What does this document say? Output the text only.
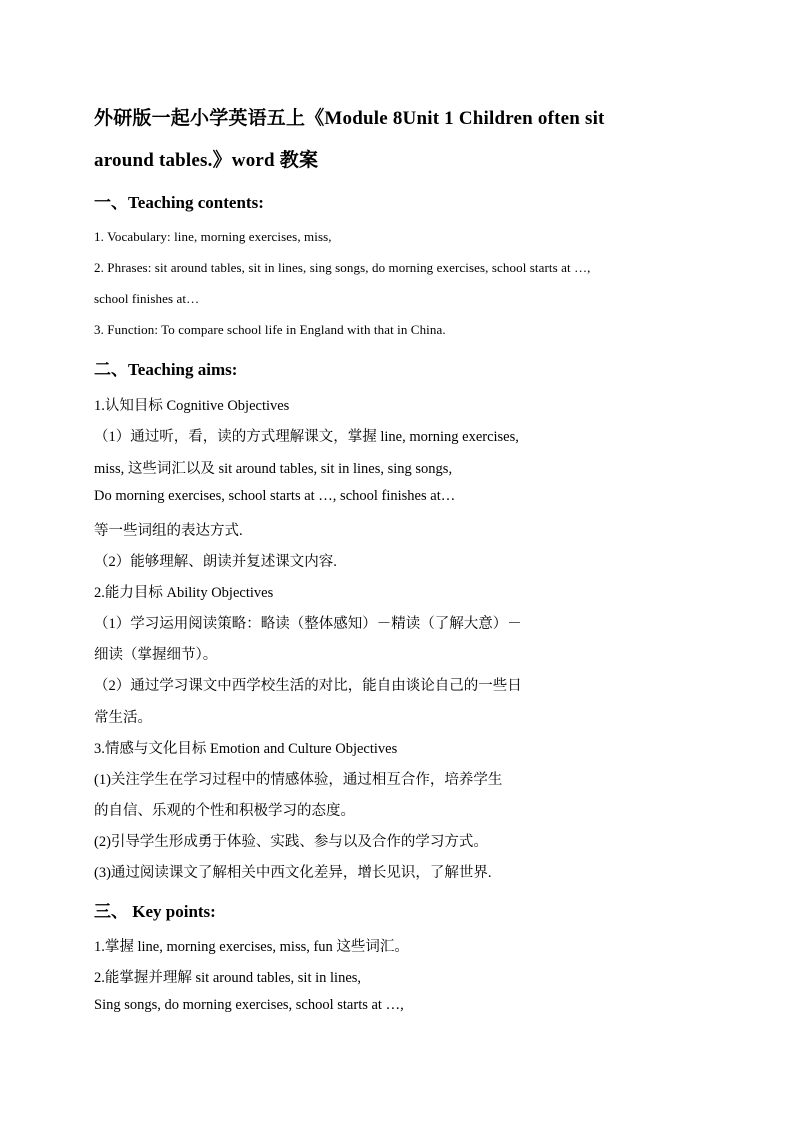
外研版一起小学英语五上《Module 8Unit 1 Children often sit
around tables.》word 教案
一、Teaching contents:
1. Vocabulary: line, morning exercises, miss,
2. Phrases: sit around tables, sit in lines, sing songs, do morning exercises, school starts at …,
school finishes at…
3. Function: To compare school life in England with that in China.
二、Teaching aims:
1.认知目标 Cognitive Objectives
（1）通过听，看，读的方式理解课文，掌握 line, morning exercises,
miss, 这些词汇以及 sit around tables, sit in lines, sing songs,
Do morning exercises, school starts at …, school finishes at…
等一些词组的表达方式.
（2）能够理解、朗读并复述课文内容.
2.能力目标 Ability Objectives
（1）学习运用阅读策略：略读（整体感知）－精读（了解大意）－
细读（掌握细节）。
（2）通过学习课文中西学校生活的对比，能自由谈论自己的一些日
常生活。
3.情感与文化目标 Emotion and Culture Objectives
(1)关注学生在学习过程中的情感体验，通过相互合作，培养学生
的自信、乐观的个性和积极学习的态度。
(2)引导学生形成勇于体验、实践、参与以及合作的学习方式。
(3)通过阅读课文了解相关中西文化差异，增长见识，了解世界.
三、 Key points:
1.掌握 line, morning exercises, miss, fun 这些词汇。
2.能掌握并理解 sit around tables, sit in lines,
Sing songs, do morning exercises, school starts at …,
